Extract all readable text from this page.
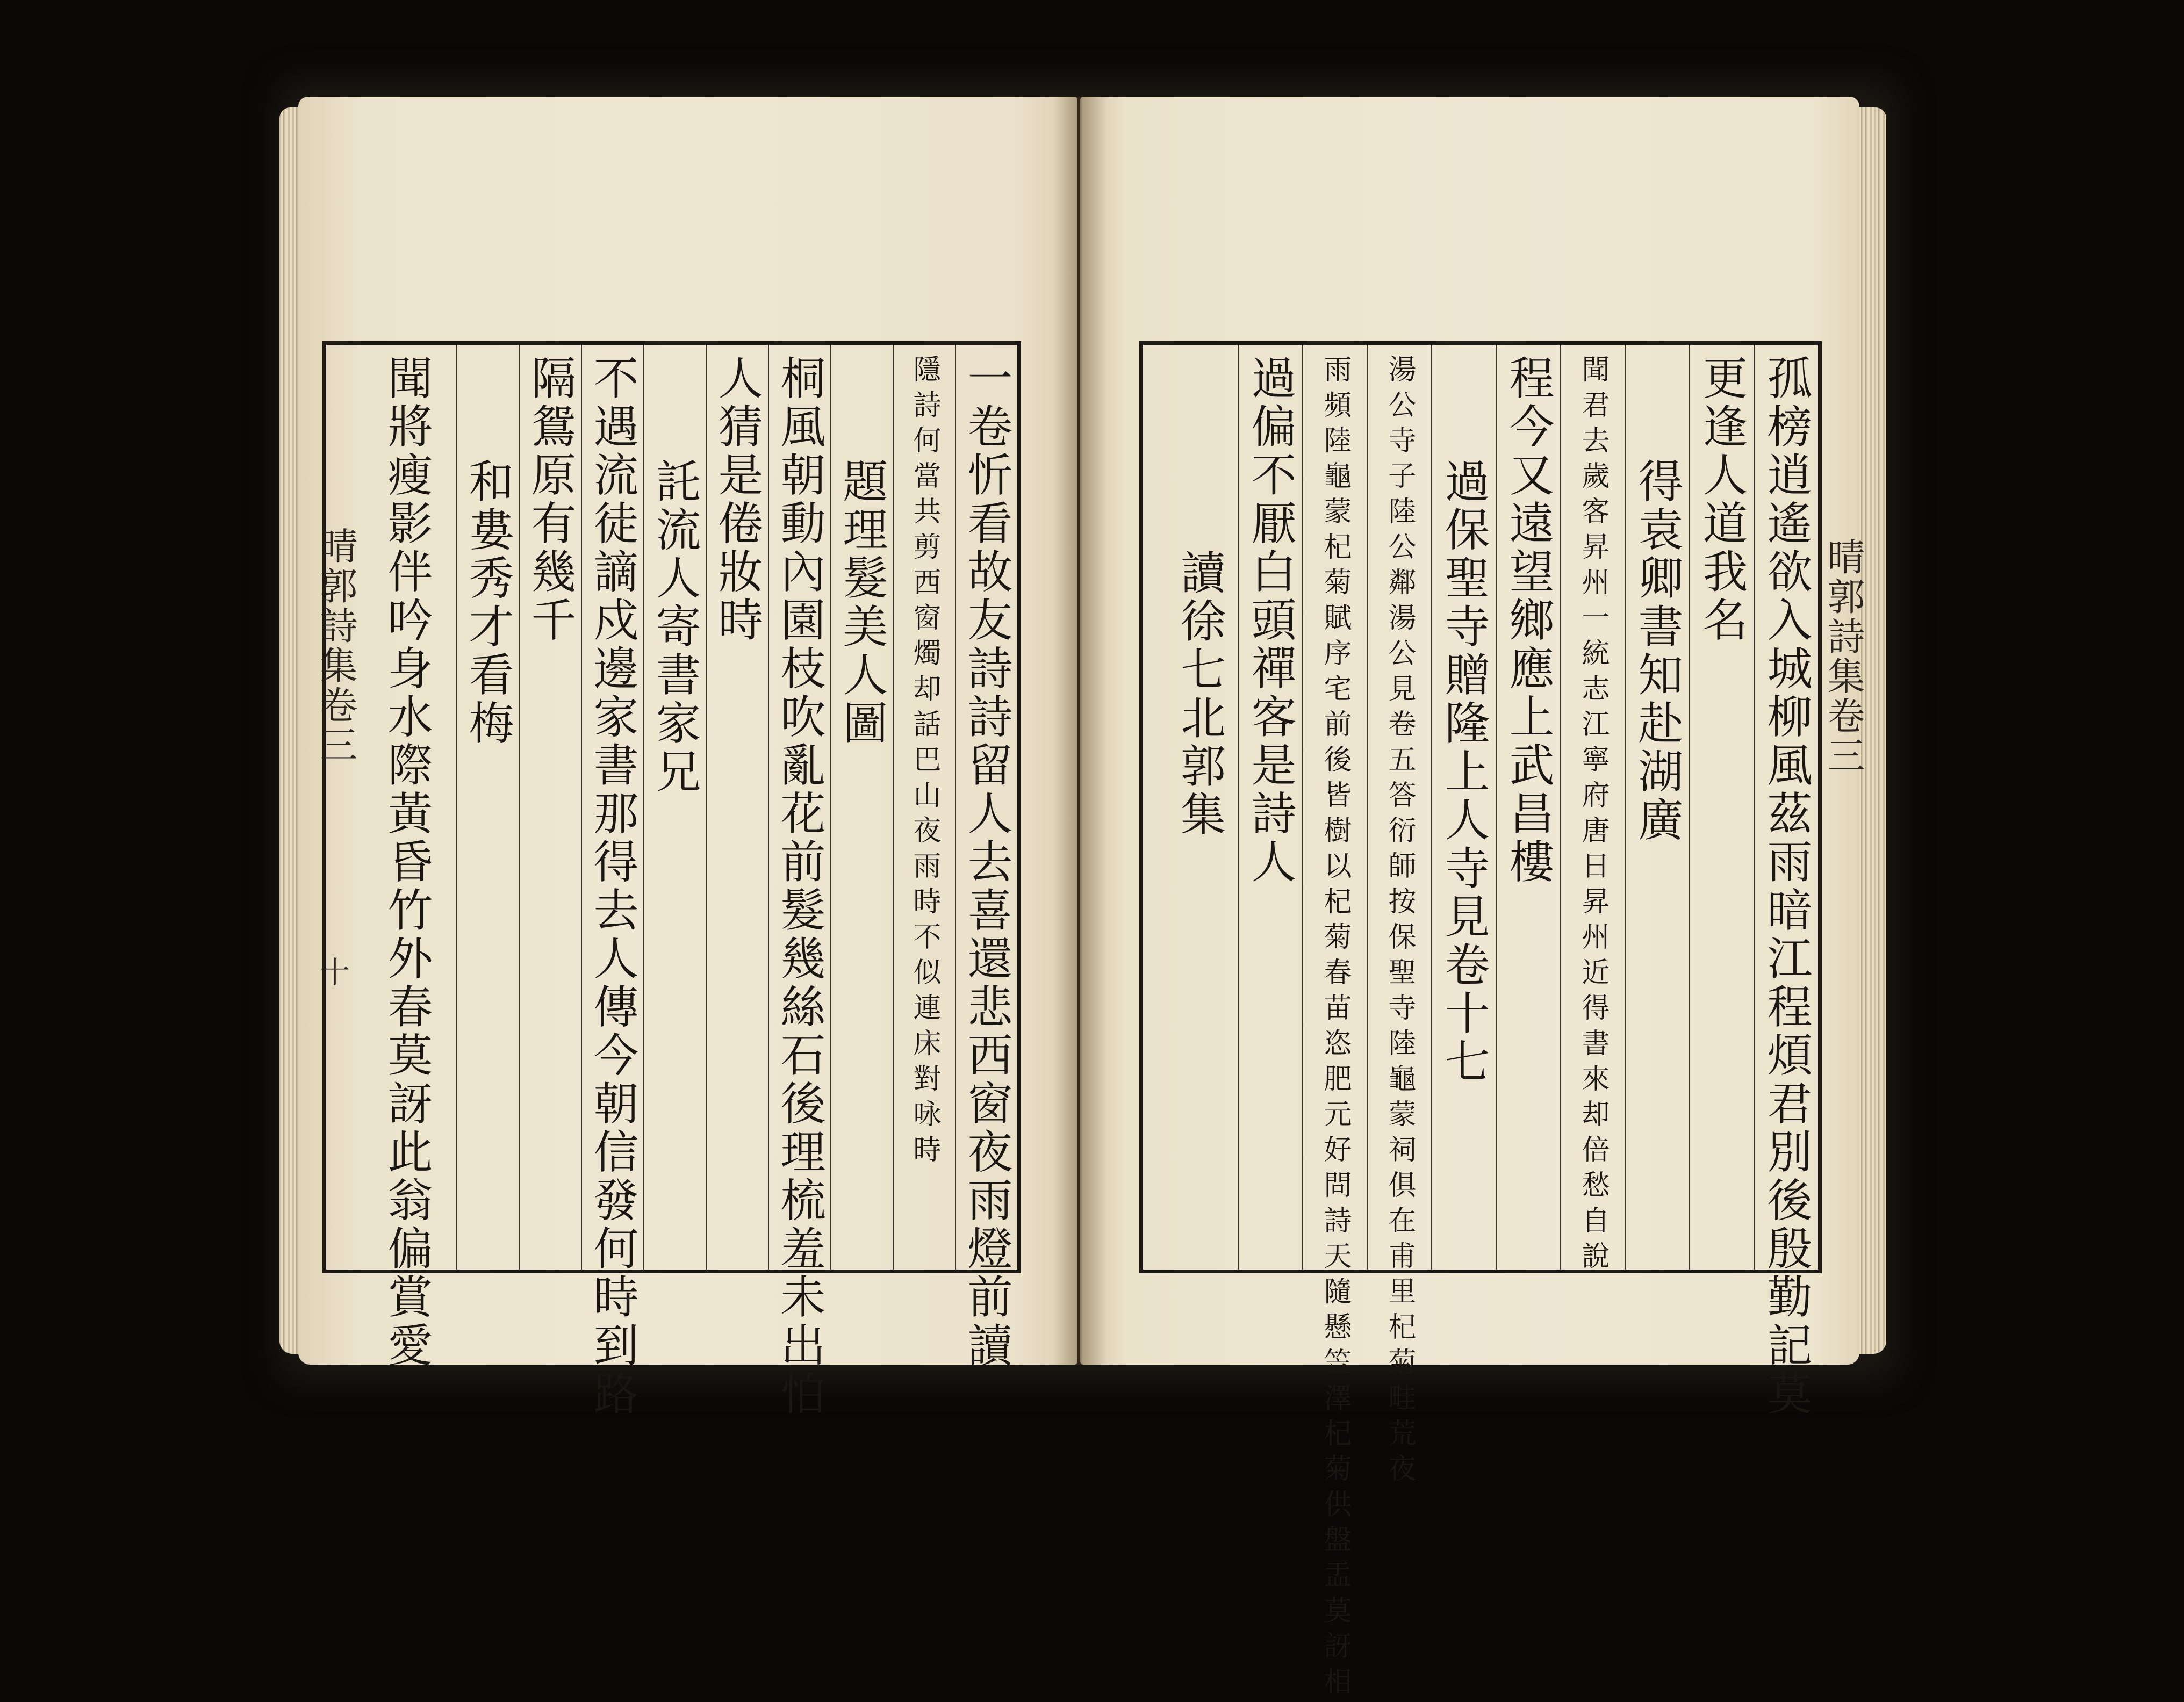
晴郭詩集卷三
十
晴郭詩集卷三
一卷忻看故友詩詩留人去喜還悲西窗夜雨燈前讀
隱詩何當共剪西窗燭却話巴山夜雨時不似連床對咏時
題理髮美人圖
桐風朝動內園枝吹亂花前髮幾絲石後理梳羞未出怕
人猜是倦妝時
託流人寄書家兄
不遇流徒謫戍邊家書那得去人傳今朝信發何時到路
隔鴛原有幾千
和婁秀才看梅
聞將瘦影伴吟身水際黃昏竹外春莫訝此翁偏賞愛	孤榜逍遙欲入城柳風茲雨暗江程煩君別後殷勤記莫
更逢人道我名
得袁卿書知赴湖廣
聞君去歲客昇州一統志江寧府唐日昇州近得書來却倍愁自說
程今又遠望鄉應上武昌樓
過保聖寺贈隆上人寺見卷十七
湯公寺子陸公鄰湯公見卷五答衍師按保聖寺陸龜蒙祠俱在甫里杞菊畦荒夜
雨頻陸龜蒙杞菊賦序宅前後皆樹以杞菊春苗恣肥元好問詩天隨懸笠澤杞菊供盤盂莫訝相
過偏不厭白頭禪客是詩人
讀徐七北郭集
